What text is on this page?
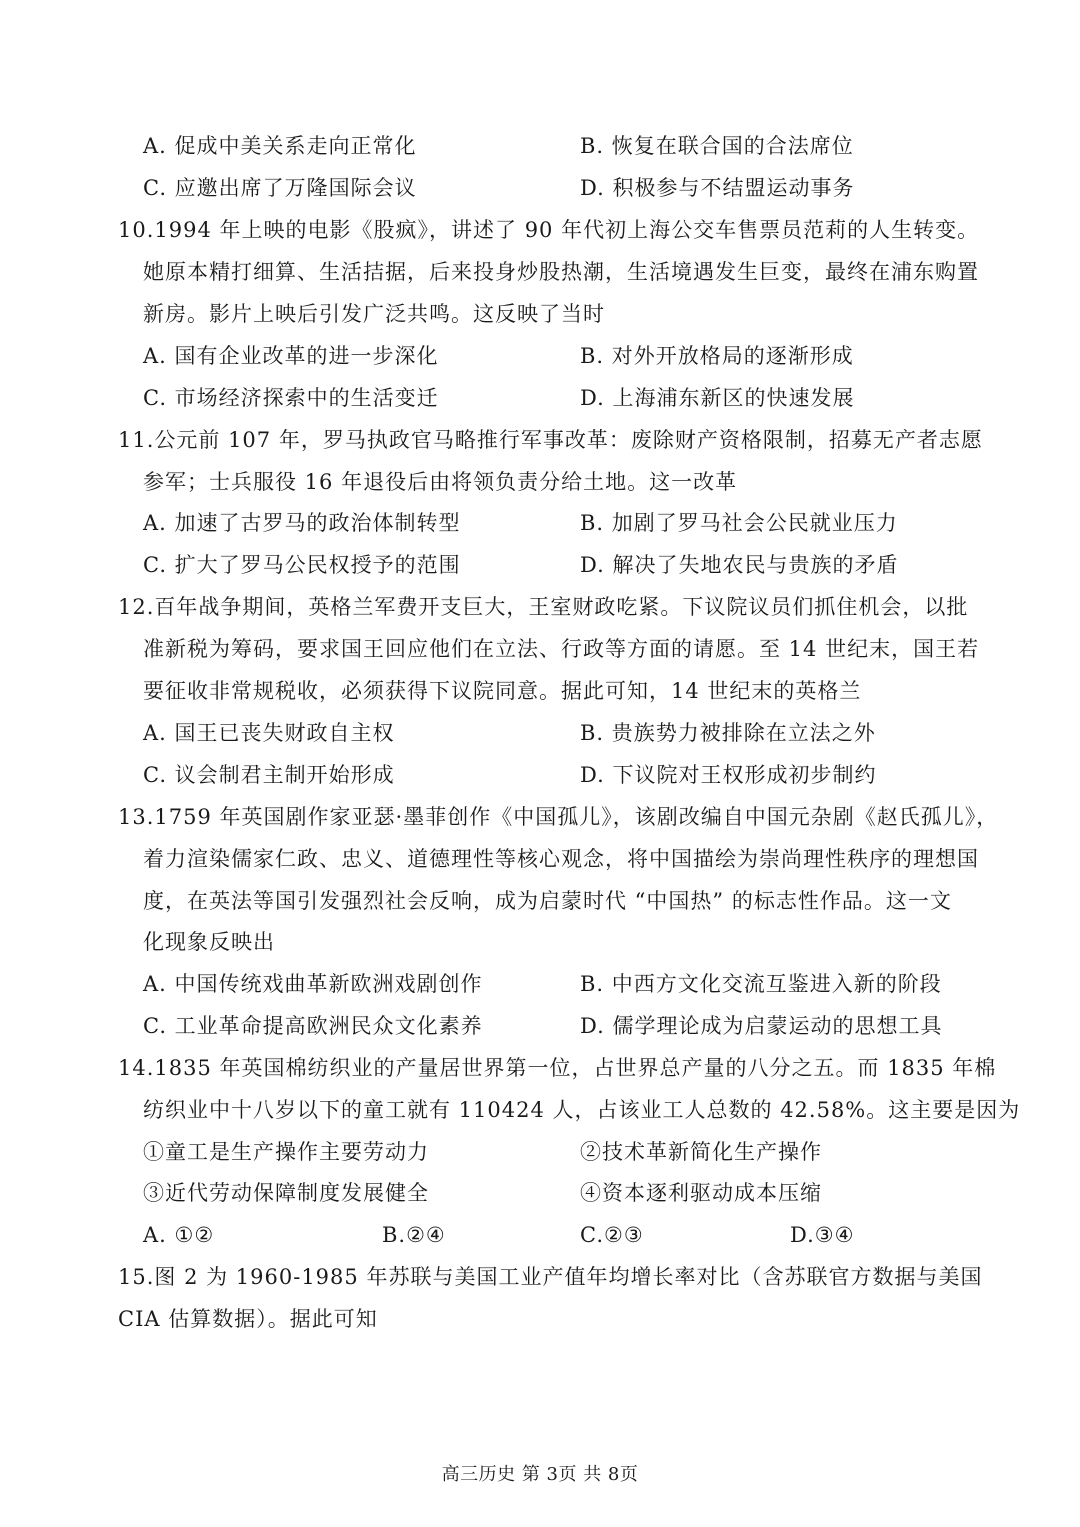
A. 促成中美关系走向正常化	B. 恢复在联合国的合法席位
C. 应邀出席了万隆国际会议	D. 积极参与不结盟运动事务
10.1994 年上映的电影《股疯》，讲述了 90 年代初上海公交车售票员范莉的人生转变。
她原本精打细算、生活拮据，后来投身炒股热潮，生活境遇发生巨变，最终在浦东购置
新房。影片上映后引发广泛共鸣。这反映了当时
A. 国有企业改革的进一步深化	B. 对外开放格局的逐渐形成
C. 市场经济探索中的生活变迁	D. 上海浦东新区的快速发展
11.公元前 107 年，罗马执政官马略推行军事改革：废除财产资格限制，招募无产者志愿
参军；士兵服役 16 年退役后由将领负责分给土地。这一改革
A. 加速了古罗马的政治体制转型	B. 加剧了罗马社会公民就业压力
C. 扩大了罗马公民权授予的范围	D. 解决了失地农民与贵族的矛盾
12.百年战争期间，英格兰军费开支巨大，王室财政吃紧。下议院议员们抓住机会，以批
准新税为筹码，要求国王回应他们在立法、行政等方面的请愿。至 14 世纪末，国王若
要征收非常规税收，必须获得下议院同意。据此可知，14 世纪末的英格兰
A. 国王已丧失财政自主权	B. 贵族势力被排除在立法之外
C. 议会制君主制开始形成	D. 下议院对王权形成初步制约
13.1759 年英国剧作家亚瑟·墨菲创作《中国孤儿》，该剧改编自中国元杂剧《赵氏孤儿》，
着力渲染儒家仁政、忠义、道德理性等核心观念，将中国描绘为崇尚理性秩序的理想国
度，在英法等国引发强烈社会反响，成为启蒙时代 “中国热” 的标志性作品。这一文
化现象反映出
A. 中国传统戏曲革新欧洲戏剧创作	B. 中西方文化交流互鉴进入新的阶段
C. 工业革命提高欧洲民众文化素养	D. 儒学理论成为启蒙运动的思想工具
14.1835 年英国棉纺织业的产量居世界第一位，占世界总产量的八分之五。而 1835 年棉
纺织业中十八岁以下的童工就有 110424 人，占该业工人总数的 42.58%。这主要是因为
①童工是生产操作主要劳动力	②技术革新简化生产操作
③近代劳动保障制度发展健全	④资本逐利驱动成本压缩
A. ①②	B.②④	C.②③	D.③④
15.图 2 为 1960-1985 年苏联与美国工业产值年均增长率对比（含苏联官方数据与美国
CIA 估算数据）。据此可知
高三历史 第 3页 共 8页
